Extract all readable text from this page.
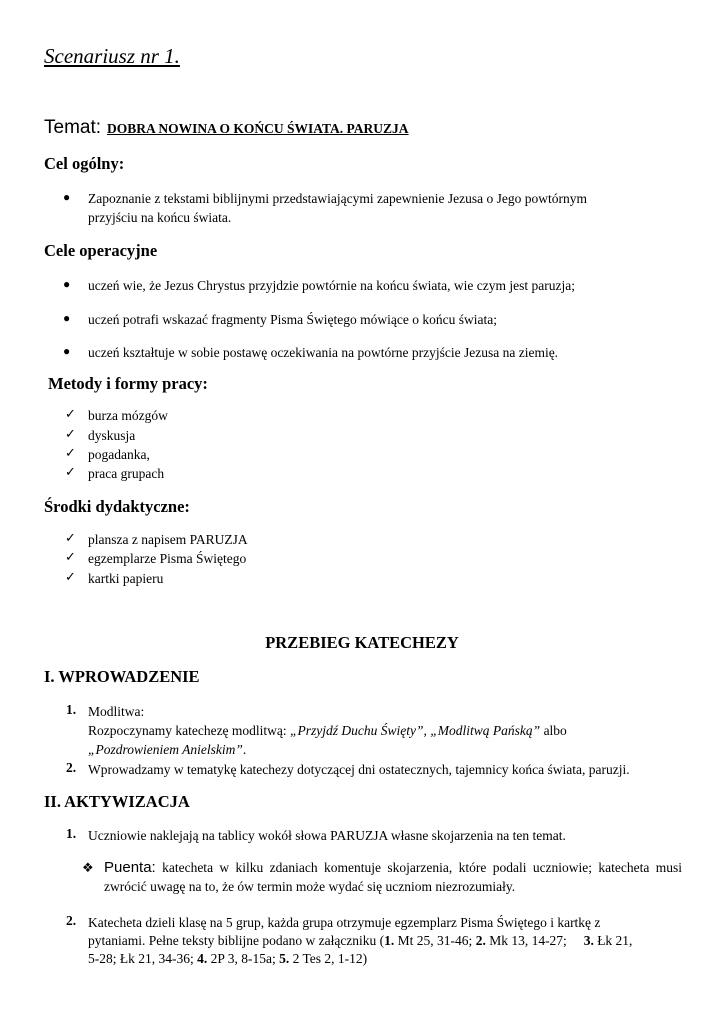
Scenariusz nr 1.
Temat: DOBRA NOWINA O KOŃCU ŚWIATA. PARUZJA
Cel ogólny:
● Zapoznanie z tekstami biblijnymi przedstawiającymi zapewnienie Jezusa o Jego powtórnym
przyjściu na końcu świata.
Cele operacyjne
● uczeń wie, że Jezus Chrystus przyjdzie powtórnie na końcu świata, wie czym jest paruzja;
● uczeń potrafi wskazać fragmenty Pisma Świętego mówiące o końcu świata;
● uczeń kształtuje w sobie postawę oczekiwania na powtórne przyjście Jezusa na ziemię.
Metody i formy pracy:
✓ burza mózgów
✓ dyskusja
✓ pogadanka,
✓ praca grupach
Środki dydaktyczne:
✓ plansza z napisem PARUZJA
✓ egzemplarze Pisma Świętego
✓ kartki papieru
PRZEBIEG KATECHEZY
I. WPROWADZENIE
1. Modlitwa:
Rozpoczynamy katechezę modlitwą: „Przyjdź Duchu Święty”, „Modlitwą Pańską” albo
„Pozdrowieniem Anielskim”.
2. Wprowadzamy w tematykę katechezy dotyczącej dni ostatecznych, tajemnicy końca świata, paruzji.
II. AKTYWIZACJA
1. Uczniowie naklejają na tablicy wokół słowa PARUZJA własne skojarzenia na ten temat.
❖ Puenta: katecheta w kilku zdaniach komentuje skojarzenia, które podali uczniowie; katecheta musi zwrócić uwagę na to, że ów termin może wydać się uczniom niezrozumiały.
2. Katecheta dzieli klasę na 5 grup, każda grupa otrzymuje egzemplarz Pisma Świętego i kartkę z
pytaniami. Pełne teksty biblijne podano w załączniku (1. Mt 25, 31-46; 2. Mk 13, 14-27;     3. Łk 21,
5-28; Łk 21, 34-36; 4. 2P 3, 8-15a; 5. 2 Tes 2, 1-12)
